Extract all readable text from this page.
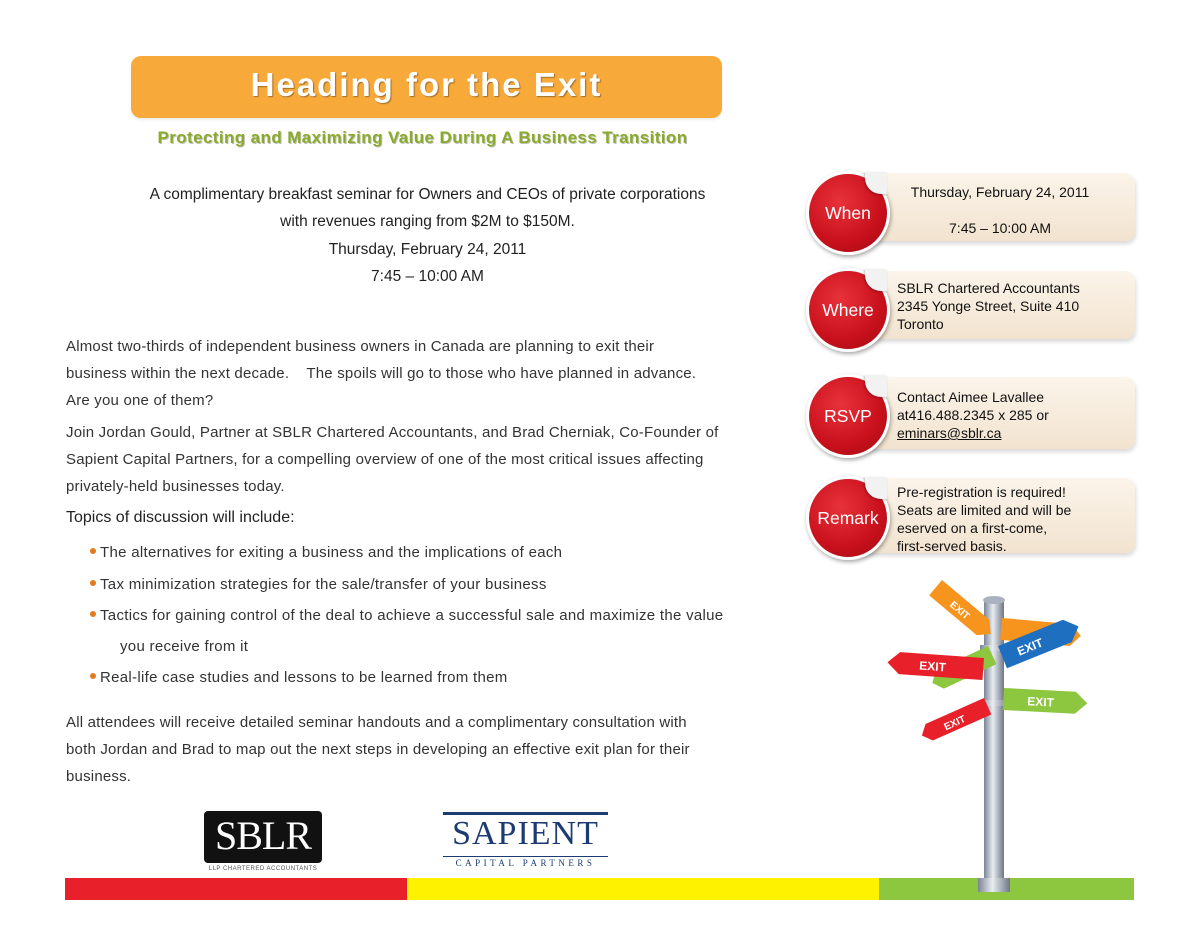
Heading for the Exit
Protecting and Maximizing Value During A Business Transition
A complimentary breakfast seminar for Owners and CEOs of private corporations
with revenues ranging from $2M to $150M.
Thursday, February 24, 2011
7:45 – 10:00 AM
Almost two-thirds of independent business owners in Canada are planning to exit their
business within the next decade.    The spoils will go to those who have planned in advance.
Are you one of them?
Join Jordan Gould, Partner at SBLR Chartered Accountants, and Brad Cherniak, Co-Founder of
Sapient Capital Partners, for a compelling overview of one of the most critical issues affecting
privately-held businesses today.
Topics of discussion will include:
The alternatives for exiting a business and the implications of each
Tax minimization strategies for the sale/transfer of your business
Tactics for gaining control of the deal to achieve a successful sale and maximize the value
you receive from it
Real-life case studies and lessons to be learned from them
All attendees will receive detailed seminar handouts and a complimentary consultation with
both Jordan and Brad to map out the next steps in developing an effective exit plan for their
business.
SBLR
LLP CHARTERED ACCOUNTANTS
SAPIENT
CAPITAL PARTNERS
When
Thursday, February 24, 2011
7:45 – 10:00 AM
Where
SBLR Chartered Accountants
2345 Yonge Street, Suite 410
Toronto
RSVP
Contact Aimee Lavallee
at416.488.2345 x 285 or
eminars@sblr.ca
Remark
Pre-registration is required!
Seats are limited and will be
eserved on a first-come,
first-served basis.
EXIT
EXIT
EXIT
EXIT
EXIT
